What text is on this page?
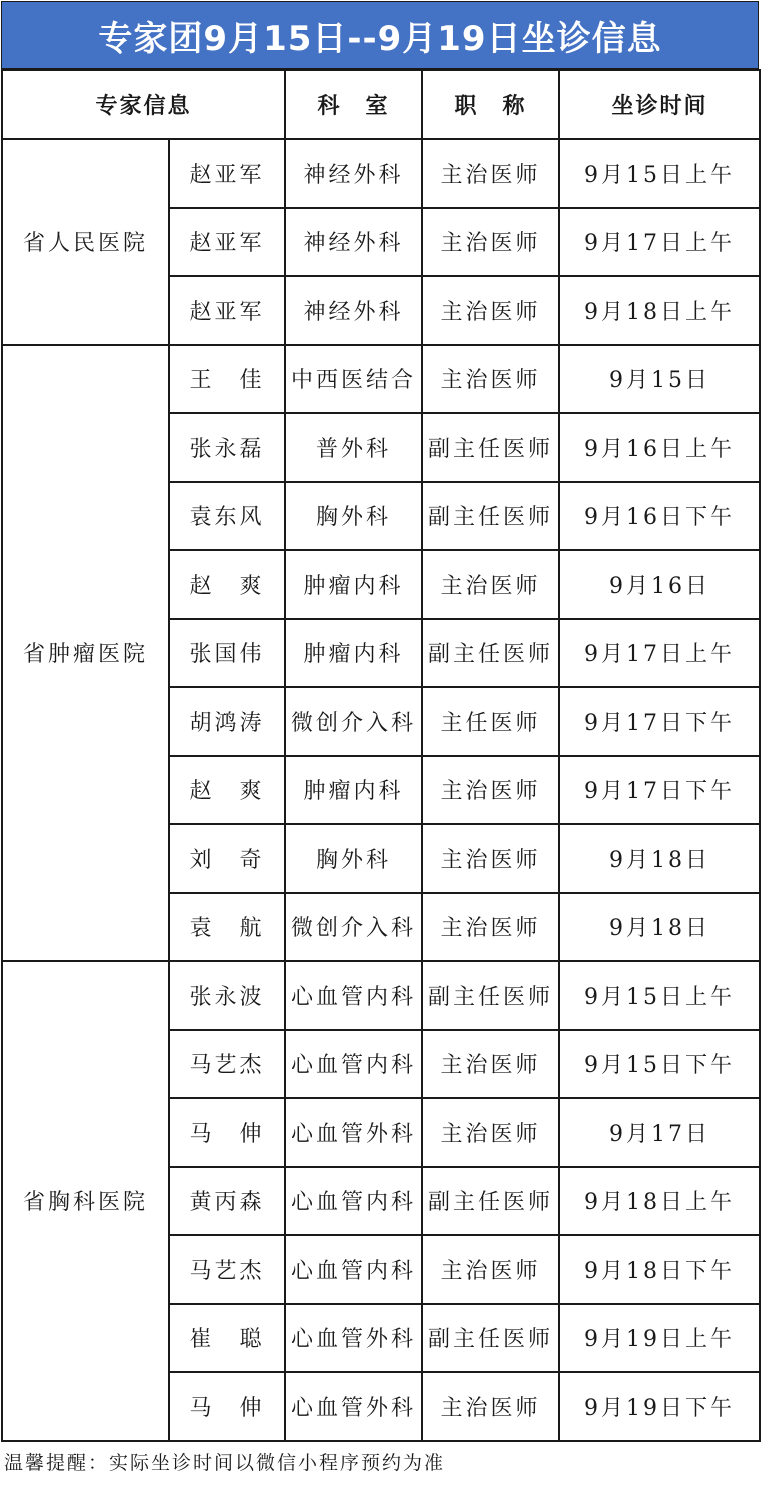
专家团9月15日--9月19日坐诊信息
专家信息		科　室	职　称	坐诊时间
省人民医院	赵亚军	神经外科	主治医师	9月15日上午
	赵亚军	神经外科	主治医师	9月17日上午
	赵亚军	神经外科	主治医师	9月18日上午
省肿瘤医院	王　佳	中西医结合	主治医师	9月15日
	张永磊	普外科	副主任医师	9月16日上午
	袁东风	胸外科	副主任医师	9月16日下午
	赵　爽	肿瘤内科	主治医师	9月16日
	张国伟	肿瘤内科	副主任医师	9月17日上午
	胡鸿涛	微创介入科	主任医师	9月17日下午
	赵　爽	肿瘤内科	主治医师	9月17日下午
	刘　奇	胸外科	主治医师	9月18日
	袁　航	微创介入科	主治医师	9月18日
省胸科医院	张永波	心血管内科	副主任医师	9月15日上午
	马艺杰	心血管内科	主治医师	9月15日下午
	马　伸	心血管外科	主治医师	9月17日
	黄丙森	心血管内科	副主任医师	9月18日上午
	马艺杰	心血管内科	主治医师	9月18日下午
	崔　聪	心血管外科	副主任医师	9月19日上午
	马　伸	心血管外科	主治医师	9月19日下午
温馨提醒：实际坐诊时间以微信小程序预约为准
